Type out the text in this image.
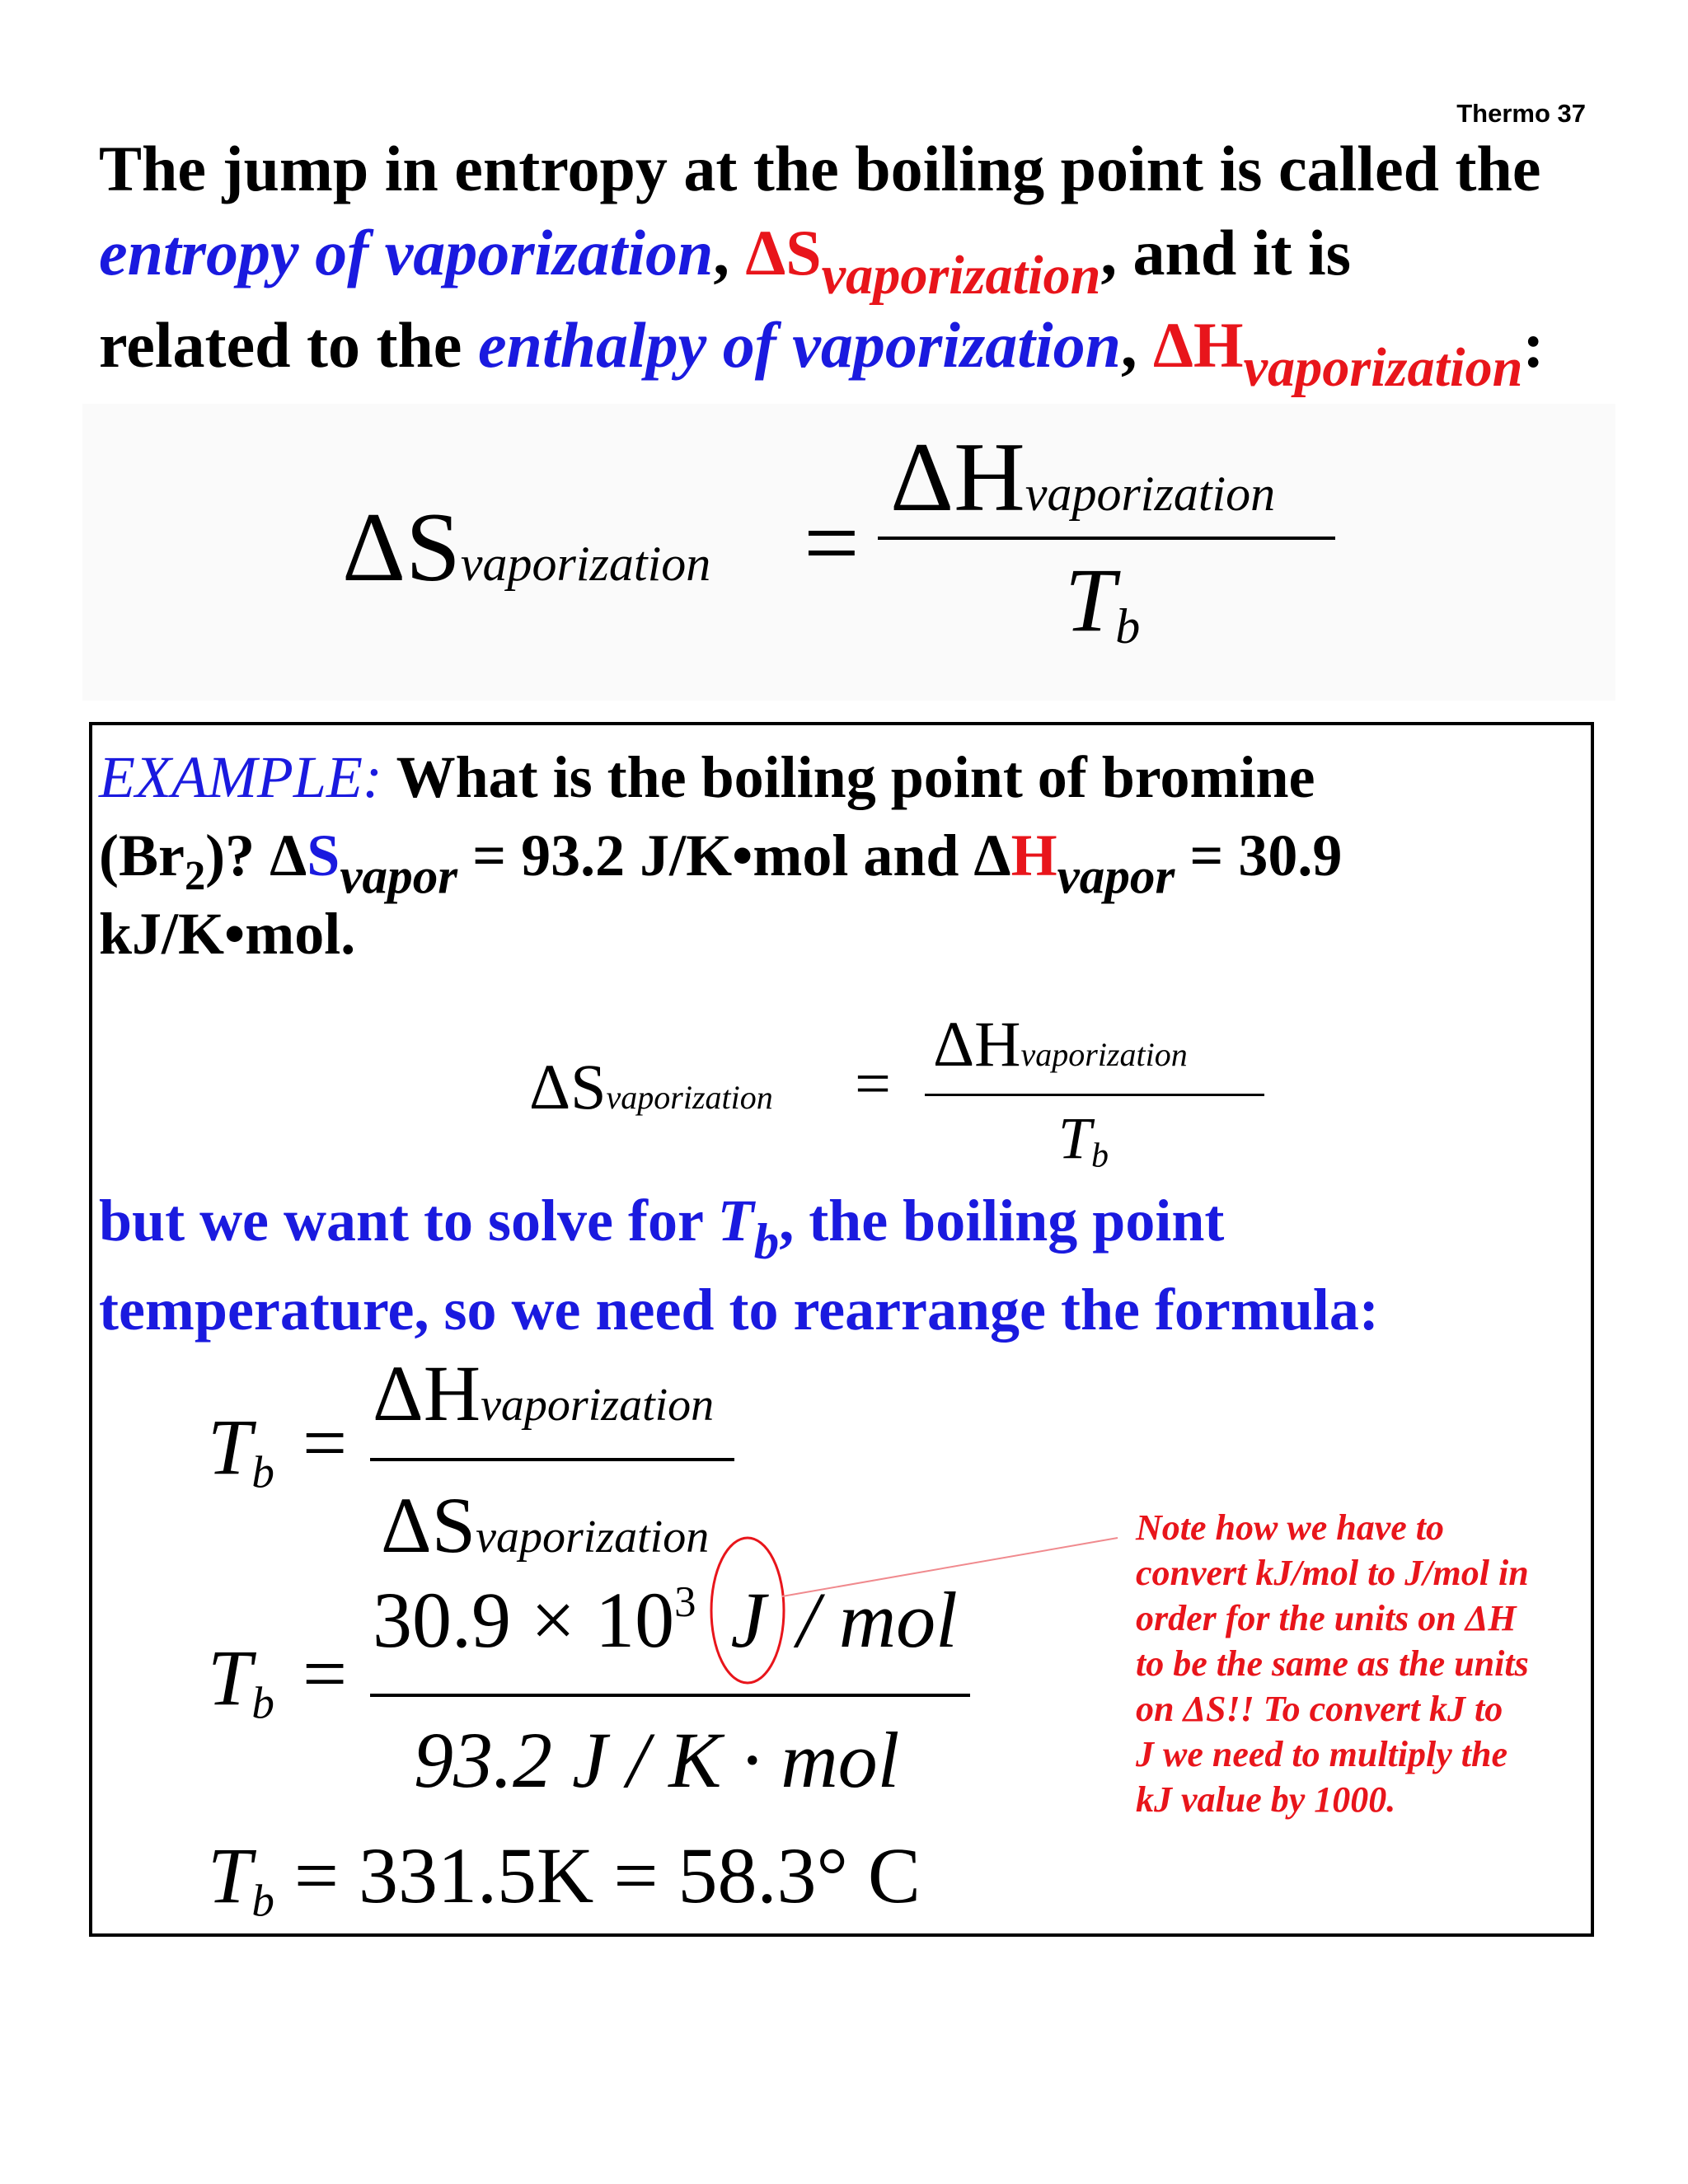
Thermo 37
The jump in entropy at the boiling point is called the
entropy of vaporization, $\Delta S_{vaporization}$, and it is
related to the enthalpy of vaporization, $\Delta H_{vaporization}$:
ΔSvaporization =
ΔHvaporization
Tb
EXAMPLE: What is the boiling point of bromine
$(Br_2)$? $\Delta S_{vapor} = 93.2$ J/K•mol and $\Delta H_{vapor} = 30.9$
kJ/K•mol.
ΔSvaporization =
ΔHvaporization
Tb
but we want to solve for $T_b$, the boiling point
temperature, so we need to rearrange the formula:
Tb =
ΔHvaporization
ΔSvaporization
Tb =
$30.9 \times 10^3$ J / mol
93.2 J / K · mol
Tb = 331.5K = 58.3° C
Note how we have to
convert kJ/mol to J/mol in
order for the units on ΔH
to be the same as the units
on ΔS!! To convert kJ to
J we need to multiply the
kJ value by 1000.
